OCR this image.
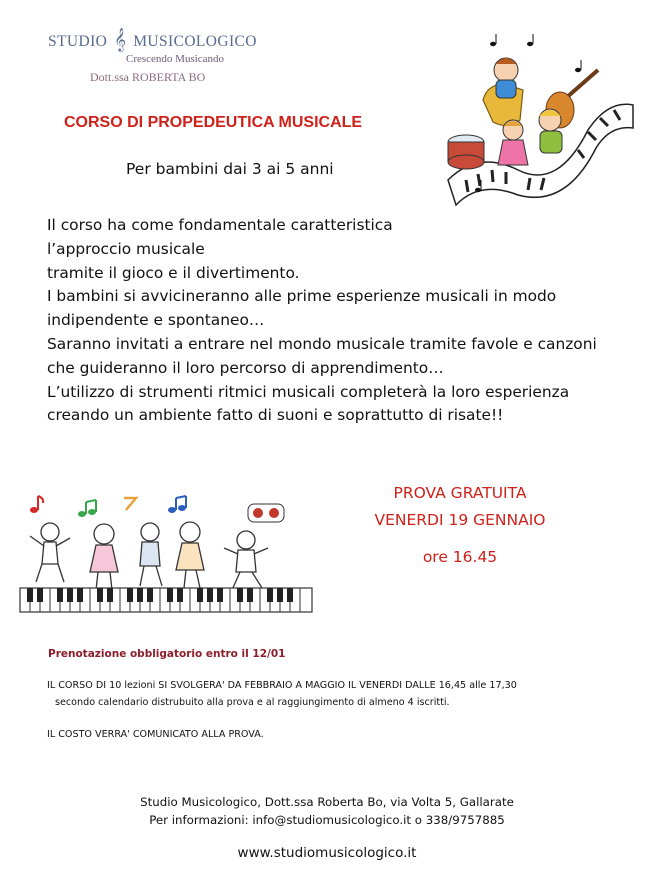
STUDIO 𝄞 MUSICOLOGICO
Crescendo Musicando
Dott.ssa ROBERTA BO
CORSO DI PROPEDEUTICA MUSICALE
Per bambini dai 3 ai 5 anni
Il corso ha come fondamentale caratteristica
l’approccio musicale
tramite il gioco e il divertimento.
I bambini si avvicineranno alle prime esperienze musicali in modo
indipendente e spontaneo…
Saranno invitati a entrare nel mondo musicale tramite favole e canzoni
che guideranno il loro percorso di apprendimento…
L’utilizzo di strumenti ritmici musicali completerà la loro esperienza
creando un ambiente fatto di suoni e soprattutto di risate!!
PROVA GRATUITA
VENERDI 19 GENNAIO
ore 16.45
Prenotazione obbligatorio entro il 12/01
IL CORSO DI 10 lezioni SI SVOLGERA' DA FEBBRAIO A MAGGIO IL VENERDI DALLE 16,45 alle 17,30
secondo calendario distrubuito alla prova e al raggiungimento di almeno 4 iscritti.
IL COSTO VERRA' COMUNICATO ALLA PROVA.
Studio Musicologico, Dott.ssa Roberta Bo, via Volta 5, Gallarate
Per informazioni: info@studiomusicologico.it o 338/9757885
www.studiomusicologico.it
